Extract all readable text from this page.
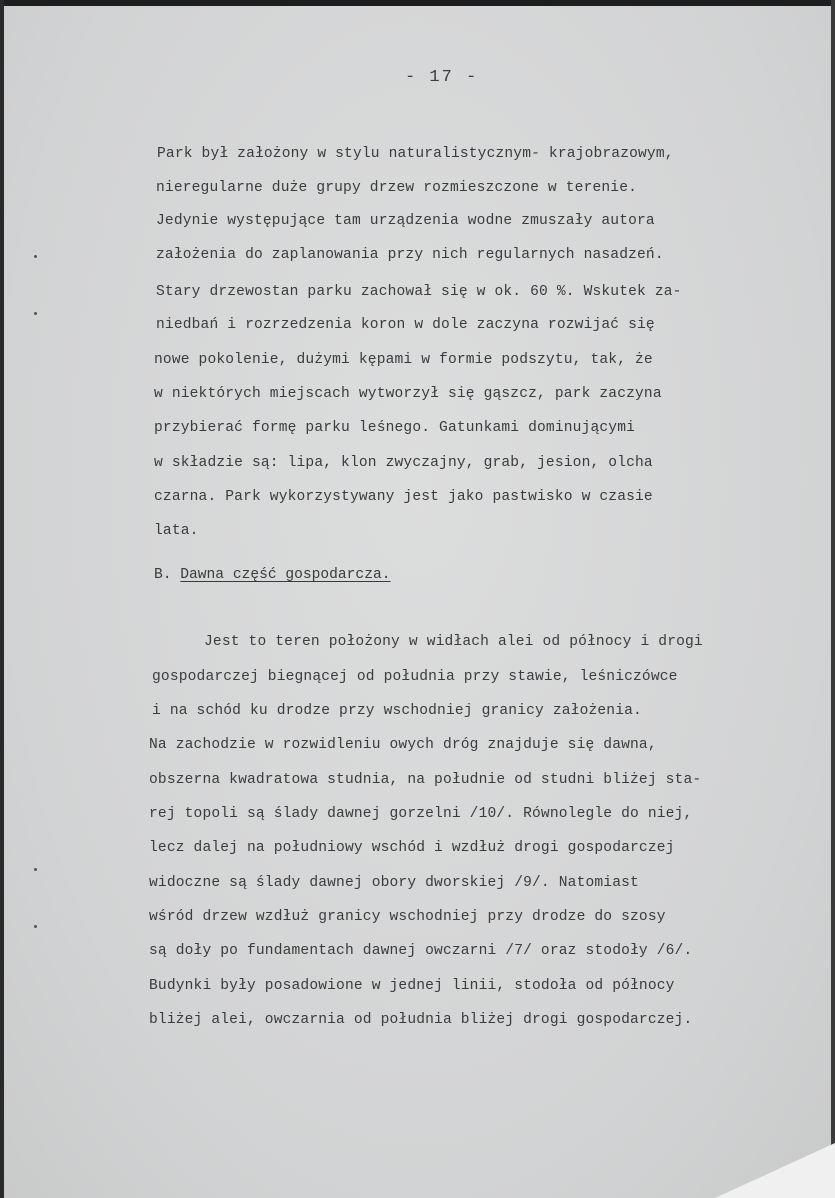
- 17 -
Park był założony w stylu naturalistycznym- krajobrazowym,
nieregularne duże grupy drzew rozmieszczone w terenie.
Jedynie występujące tam urządzenia wodne zmuszały autora
założenia do zaplanowania przy nich regularnych nasadzeń.
Stary drzewostan parku zachował się w ok. 60 %. Wskutek za-
niedbań i rozrzedzenia koron w dole zaczyna rozwijać się
nowe pokolenie, dużymi kępami w formie podszytu, tak, że
w niektórych miejscach wytworzył się gąszcz, park zaczyna
przybierać formę parku leśnego. Gatunkami dominującymi
w składzie są: lipa, klon zwyczajny, grab, jesion, olcha
czarna. Park wykorzystywany jest jako pastwisko w czasie
lata.
B. Dawna część gospodarcza.
Jest to teren położony w widłach alei od północy i drogi
gospodarczej biegnącej od południa przy stawie, leśniczówce
i na schód ku drodze przy wschodniej granicy założenia.
Na zachodzie w rozwidleniu owych dróg znajduje się dawna,
obszerna kwadratowa studnia, na południe od studni bliżej sta-
rej topoli są ślady dawnej gorzelni /10/. Równolegle do niej,
lecz dalej na południowy wschód i wzdłuż drogi gospodarczej
widoczne są ślady dawnej obory dworskiej /9/. Natomiast
wśród drzew wzdłuż granicy wschodniej przy drodze do szosy
są doły po fundamentach dawnej owczarni /7/ oraz stodoły /6/.
Budynki były posadowione w jednej linii, stodoła od północy
bliżej alei, owczarnia od południa bliżej drogi gospodarczej.
